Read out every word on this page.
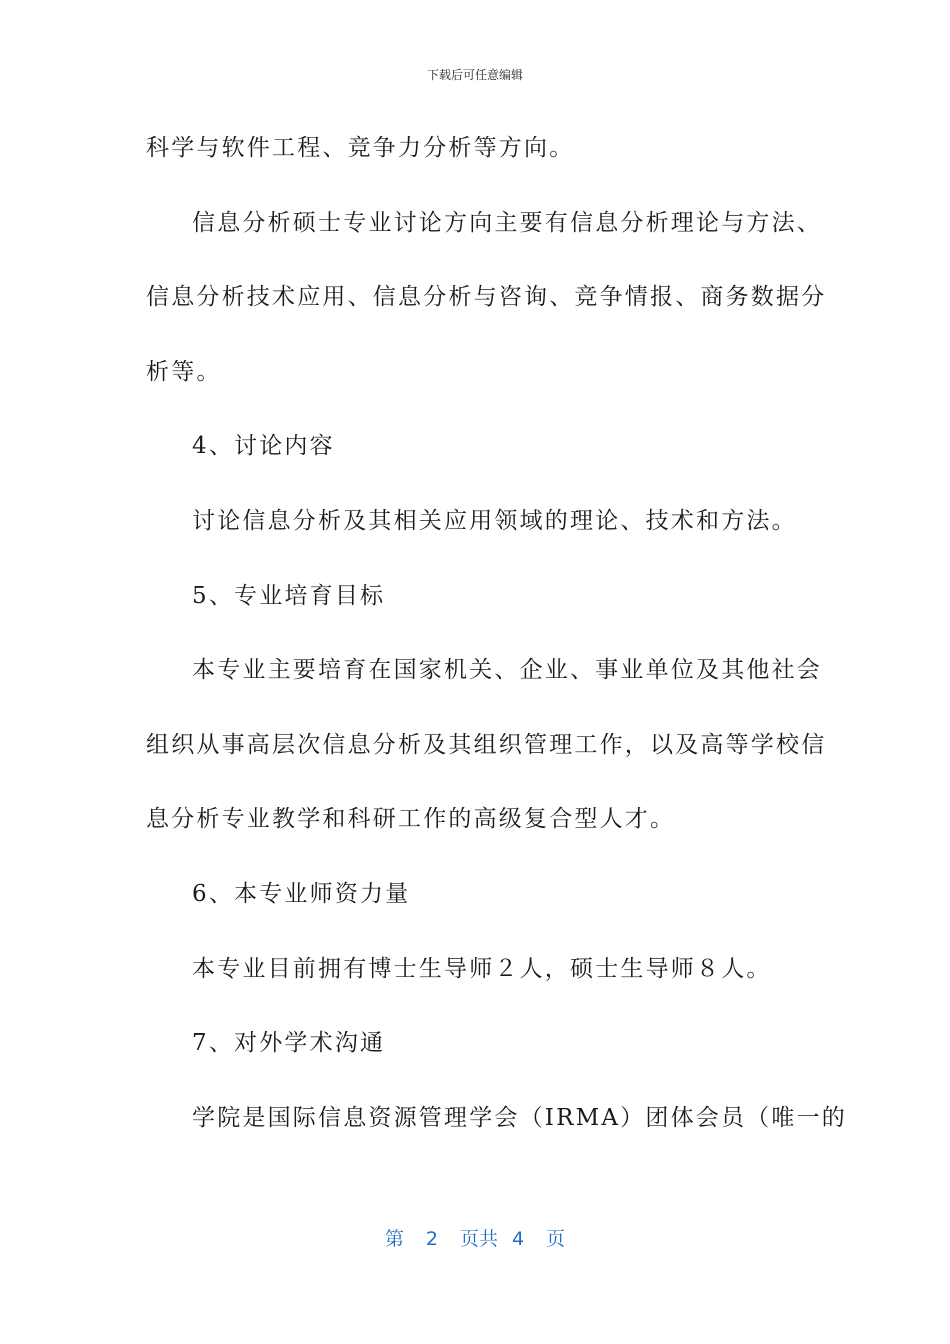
下载后可任意编辑
科学与软件工程、竞争力分析等方向。
信息分析硕士专业讨论方向主要有信息分析理论与方法、
信息分析技术应用、信息分析与咨询、竞争情报、商务数据分
析等。
4、讨论内容
讨论信息分析及其相关应用领域的理论、技术和方法。
5、专业培育目标
本专业主要培育在国家机关、企业、事业单位及其他社会
组织从事高层次信息分析及其组织管理工作，以及高等学校信
息分析专业教学和科研工作的高级复合型人才。
6、本专业师资力量
本专业目前拥有博士生导师２人，硕士生导师８人。
7、对外学术沟通
学院是国际信息资源管理学会（IRMA）团体会员（唯一的
第 2 页共 4 页
